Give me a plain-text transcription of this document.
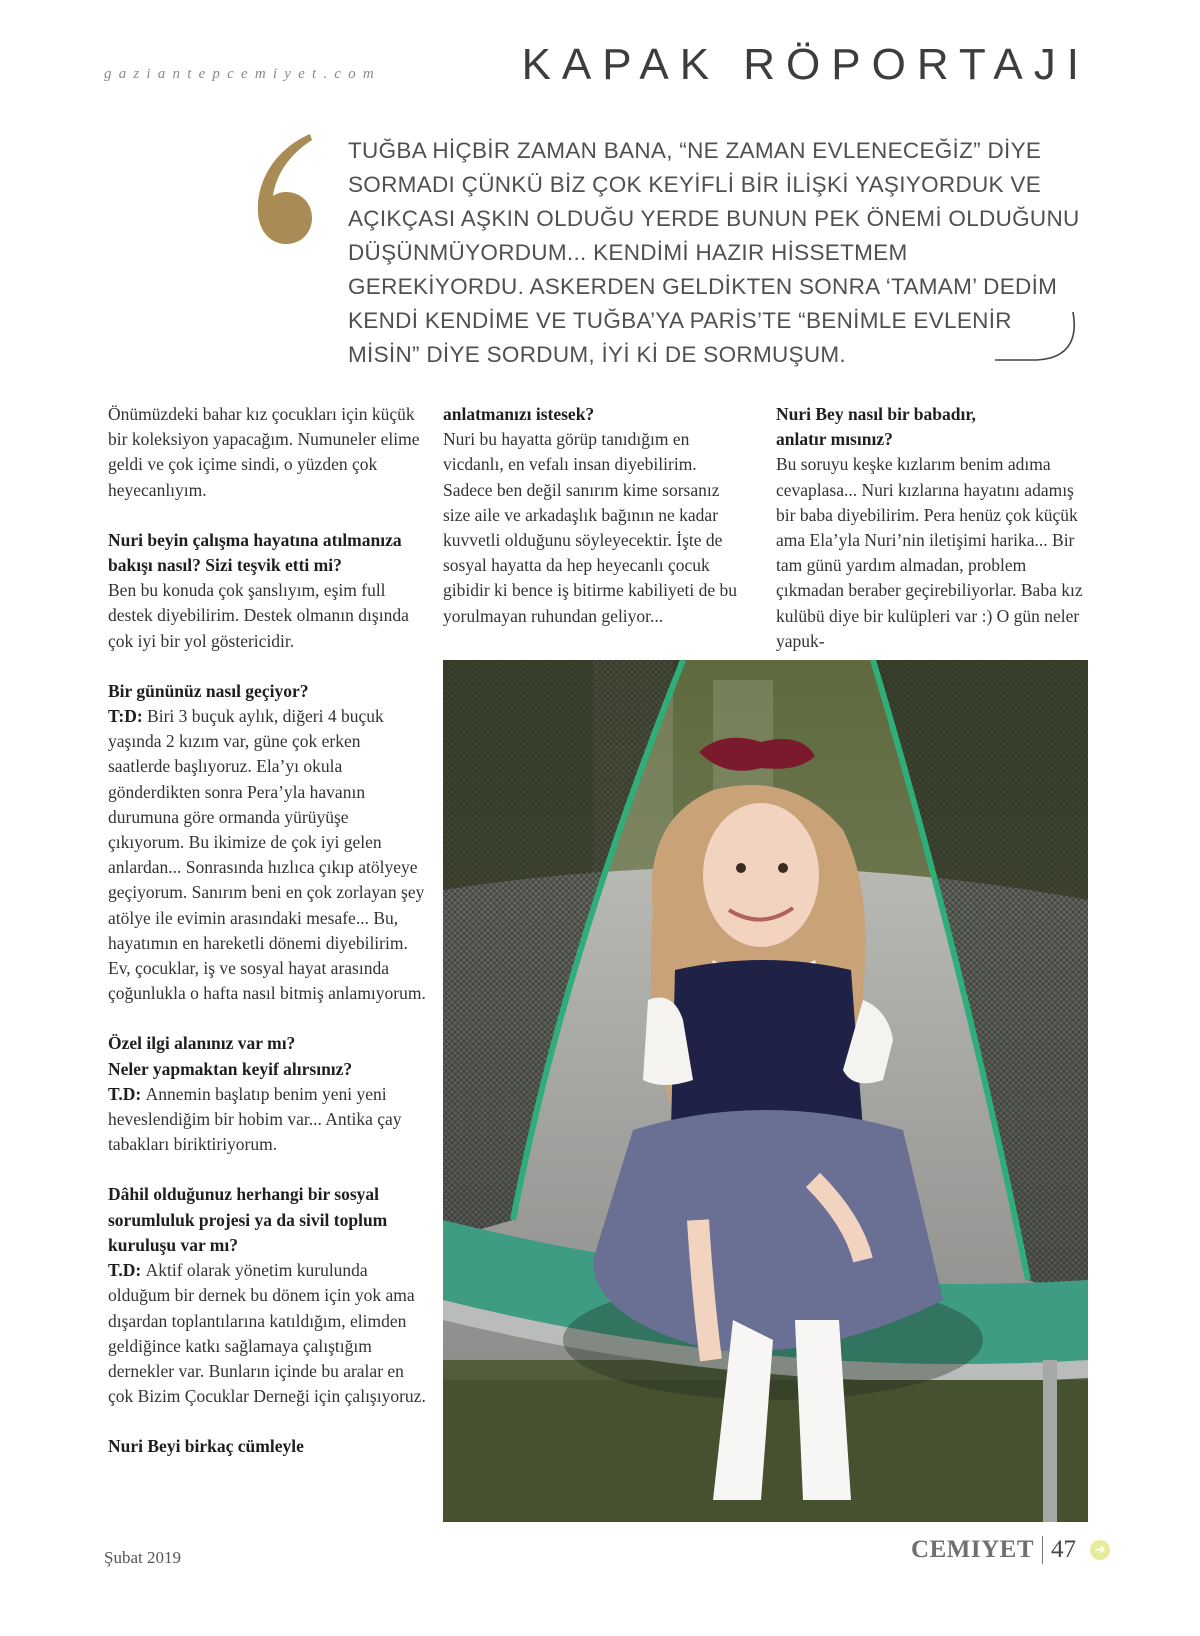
gaziantepcemiyet.com	KAPAK RÖPORTAJI
TUĞBA HİÇBİR ZAMAN BANA, “NE ZAMAN EVLENECEĞİZ” DİYE SORMADI ÇÜNKÜ BİZ ÇOK KEYİFLİ BİR İLİŞKİ YAŞIYORDUK VE AÇIKÇASI AŞKIN OLDUĞU YERDE BUNUN PEK ÖNEMİ OLDUĞUNU DÜŞÜNMÜYORDUM... KENDİMİ HAZIR HİSSETMEM GEREKİYORDU. ASKERDEN GELDİKTEN SONRA ‘TAMAM’ DEDİM KENDİ KENDİME VE TUĞBA’YA PARİS’TE “BENİMLE EVLENİR MİSİN” DİYE SORDUM, İYİ Kİ DE SORMUŞUM.

Önümüzdeki bahar kız çocukları için küçük bir koleksiyon yapacağım. Numuneler elime geldi ve çok içime sindi, o yüzden çok heyecanlıyım.

Nuri beyin çalışma hayatına atılmanıza bakışı nasıl? Sizi teşvik etti mi?
Ben bu konuda çok şanslıyım, eşim full destek diyebilirim. Destek olmanın dışında çok iyi bir yol göstericidir.

Bir gününüz nasıl geçiyor?
T:D: Biri 3 buçuk aylık, diğeri 4 buçuk yaşında 2 kızım var, güne çok erken saatlerde başlıyoruz. Ela’yı okula gönderdikten sonra Pera’yla havanın durumuna göre ormanda yürüyüşe çıkıyorum. Bu ikimize de çok iyi gelen anlardan... Sonrasında hızlıca çıkıp atölyeye geçiyorum. Sanırım beni en çok zorlayan şey atölye ile evimin arasındaki mesafe... Bu, hayatımın en hareketli dönemi diyebilirim. Ev, çocuklar, iş ve sosyal hayat arasında çoğunlukla o hafta nasıl bitmiş anlamıyorum.

Özel ilgi alanınız var mı?
Neler yapmaktan keyif alırsınız?
T.D: Annemin başlatıp benim yeni yeni heveslendiğim bir hobim var... Antika çay tabakları biriktiriyorum.

Dâhil olduğunuz herhangi bir sosyal sorumluluk projesi ya da sivil toplum kuruluşu var mı?
T.D: Aktif olarak yönetim kurulunda olduğum bir dernek bu dönem için yok ama dışardan toplantılarına katıldığım, elimden geldiğince katkı sağlamaya çalıştığım dernekler var. Bunların içinde bu aralar en çok Bizim Çocuklar Derneği için çalışıyoruz.

Nuri Beyi birkaç cümleyle

anlatmanızı istesek?
Nuri bu hayatta görüp tanıdığım en vicdanlı, en vefalı insan diyebilirim. Sadece ben değil sanırım kime sorsanız size aile ve arkadaşlık bağının ne kadar kuvvetli olduğunu söyleyecektir. İşte de sosyal hayatta da hep heyecanlı çocuk gibidir ki bence iş bitirme kabiliyeti de bu yorulmayan ruhundan geliyor...

Nuri Bey nasıl bir babadır,
anlatır mısınız?
Bu soruyu keşke kızlarım benim adıma cevaplasa... Nuri kızlarına hayatını adamış bir baba diyebilirim. Pera henüz çok küçük ama Ela’yla Nuri’nin iletişimi harika... Bir tam günü yardım almadan, problem çıkmadan beraber geçirebiliyorlar. Baba kız kulübü diye bir kulüpleri var :) O gün neler yapuk-

Şubat 2019	CEMIYET 47 ➜
